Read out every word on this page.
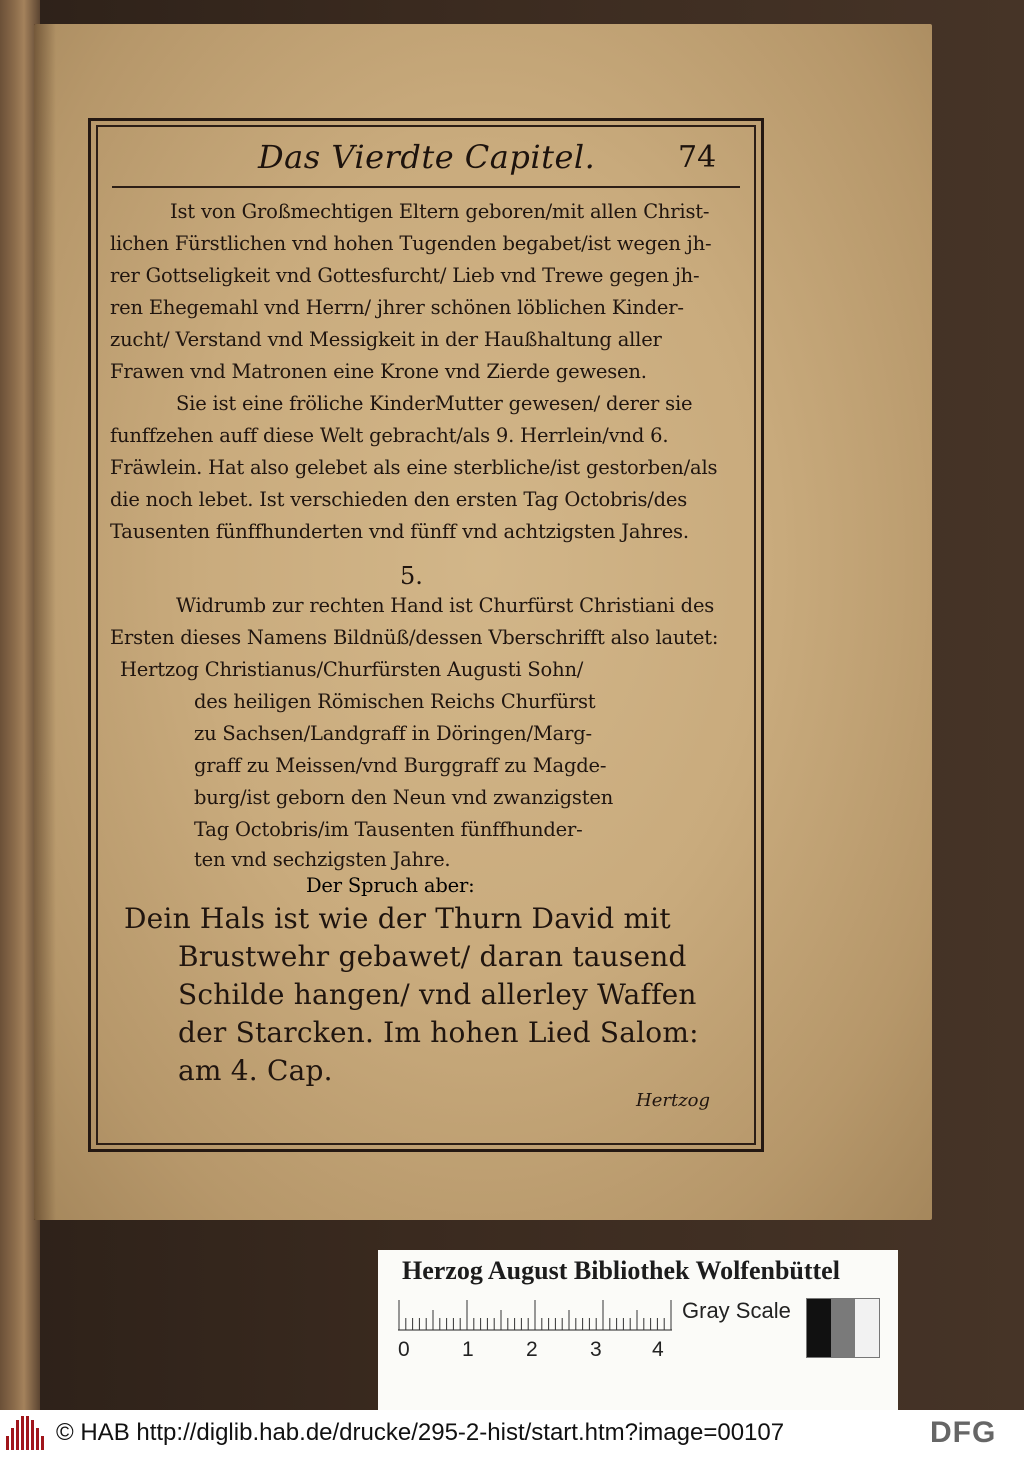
Das Vierdte Capitel.	74
Ist von Großmechtigen Eltern geboren/mit allen Christ-
lichen Fürstlichen vnd hohen Tugenden begabet/ist wegen jh-
rer Gottseligkeit vnd Gottesfurcht/ Lieb vnd Trewe gegen jh-
ren Ehegemahl vnd Herrn/ jhrer schönen löblichen Kinder-
zucht/ Verstand vnd Messigkeit in der Haußhaltung aller
Frawen vnd Matronen eine Krone vnd Zierde gewesen.
Sie ist eine fröliche KinderMutter gewesen/ derer sie
funffzehen auff diese Welt gebracht/als 9. Herrlein/vnd 6.
Fräwlein. Hat also gelebet als eine sterbliche/ist gestorben/als
die noch lebet. Ist verschieden den ersten Tag Octobris/des
Tausenten fünffhunderten vnd fünff vnd achtzigsten Jahres.
5.
Widrumb zur rechten Hand ist Churfürst Christiani des
Ersten dieses Namens Bildnüß/dessen Vberschrifft also lautet:
Hertzog Christianus/Churfürsten Augusti Sohn/
des heiligen Römischen Reichs Churfürst
zu Sachsen/Landgraff in Döringen/Marg-
graff zu Meissen/vnd Burggraff zu Magde-
burg/ist geborn den Neun vnd zwanzigsten
Tag Octobris/im Tausenten fünffhunder-
ten vnd sechzigsten Jahre.
Der Spruch aber:
Dein Hals ist wie der Thurn David mit
Brustwehr gebawet/ daran tausend
Schilde hangen/ vnd allerley Waffen
der Starcken. Im hohen Lied Salom:
am 4. Cap.
Hertzog
Herzog August Bibliothek Wolfenbüttel
0 1 2 3 4
Gray Scale
© HAB http://diglib.hab.de/drucke/295-2-hist/start.htm?image=00107	DFG
